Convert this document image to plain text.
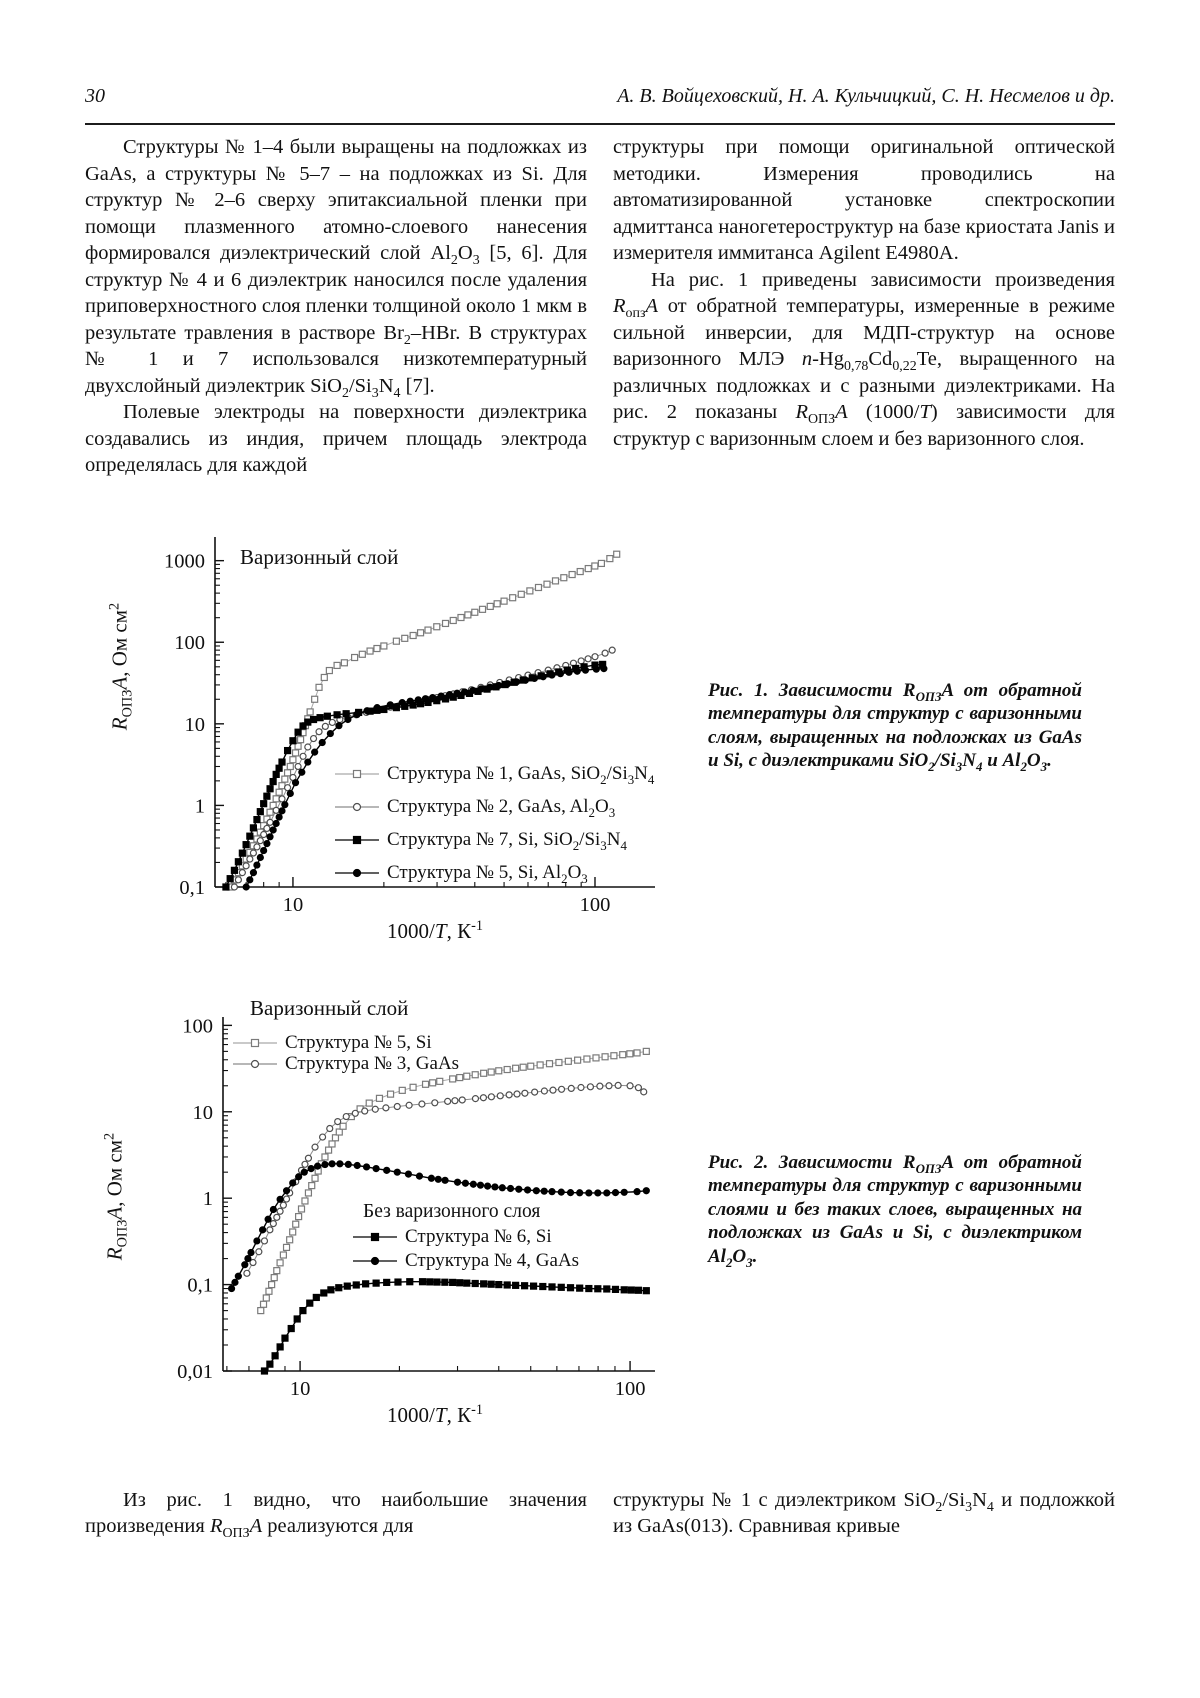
30	А. В. Войцеховский, Н. А. Кульчицкий, С. Н. Несмелов и др.

Структуры № 1–4 были выращены на подложках из GaAs, а структуры № 5–7 – на подложках из Si. Для структур № 2–6 сверху эпитаксиальной пленки при помощи плазменного атомно-слоевого нанесения формировался диэлектрический слой $Al_2O_3$ [5, 6]. Для структур № 4 и 6 диэлектрик наносился после удаления приповерхностного слоя пленки толщиной около 1 мкм в результате травления в растворе $Br_2$–HBr. В структурах № 1 и 7 использовался низкотемпературный двухслойный диэлектрик $SiO_2/Si_3N_4$ [7].

Полевые электроды на поверхности диэлектрика создавались из индия, причем площадь электрода определялась для каждой

структуры при помощи оригинальной оптической методики. Измерения проводились на автоматизированной установке спектроскопии адмиттанса наногетероструктур на базе криостата Janis и измерителя иммитанса Agilent E4980A.

На рис. 1 приведены зависимости произведения $R_{опз}A$ от обратной температуры, измеренные в режиме сильной инверсии, для МДП-структур на основе варизонного МЛЭ $n-Hg_{0,78}Cd_{0,22}Te$, выращенного на различных подложках и с разными диэлектриками. На рис. 2 показаны $R_{ОПЗ}A$ (1000/T) зависимости для структур с варизонным слоем и без варизонного слоя.

0,1
1
10
100
1000
10	100
Варизонный слой
$R_{ОПЗ}A$, Ом $см^2$
1000/T, $К^{-1}$
Структура № 1, GaAs, $SiO_2/Si_3N_4$
Структура № 2, GaAs, $Al_2O_3$
Структура № 7, Si, $SiO_2/Si_3N_4$
Структура № 5, Si, $Al_2O_3$
Рис. 1. Зависимости $R_{ОПЗ}A$ от обратной температуры для структур с варизонными слоям, выращенных на подложках из GaAs и Si, с диэлектриками $SiO_2/Si_3N_4$ и $Al_2O_3$.
0,01
0,1
1
10
100
10	100
Варизонный слой
$R_{ОПЗ}A$, Ом $см^2$
1000/T, $К^{-1}$
Структура № 5, Si
Структура № 3, GaAs
Без варизонного слоя
Структура № 6, Si
Структура № 4, GaAs
Рис. 2. Зависимости $R_{ОПЗ}A$ от обратной температуры для структур с варизонными слоями и без таких слоев, выращенных на подложках из GaAs и Si, с диэлектриком $Al_2O_3$.

Из рис. 1 видно, что наибольшие значения произведения $R_{ОПЗ}A$ реализуются для

структуры № 1 с диэлектриком $SiO_2/Si_3N_4$ и подложкой из GaAs(013). Сравнивая кривые
